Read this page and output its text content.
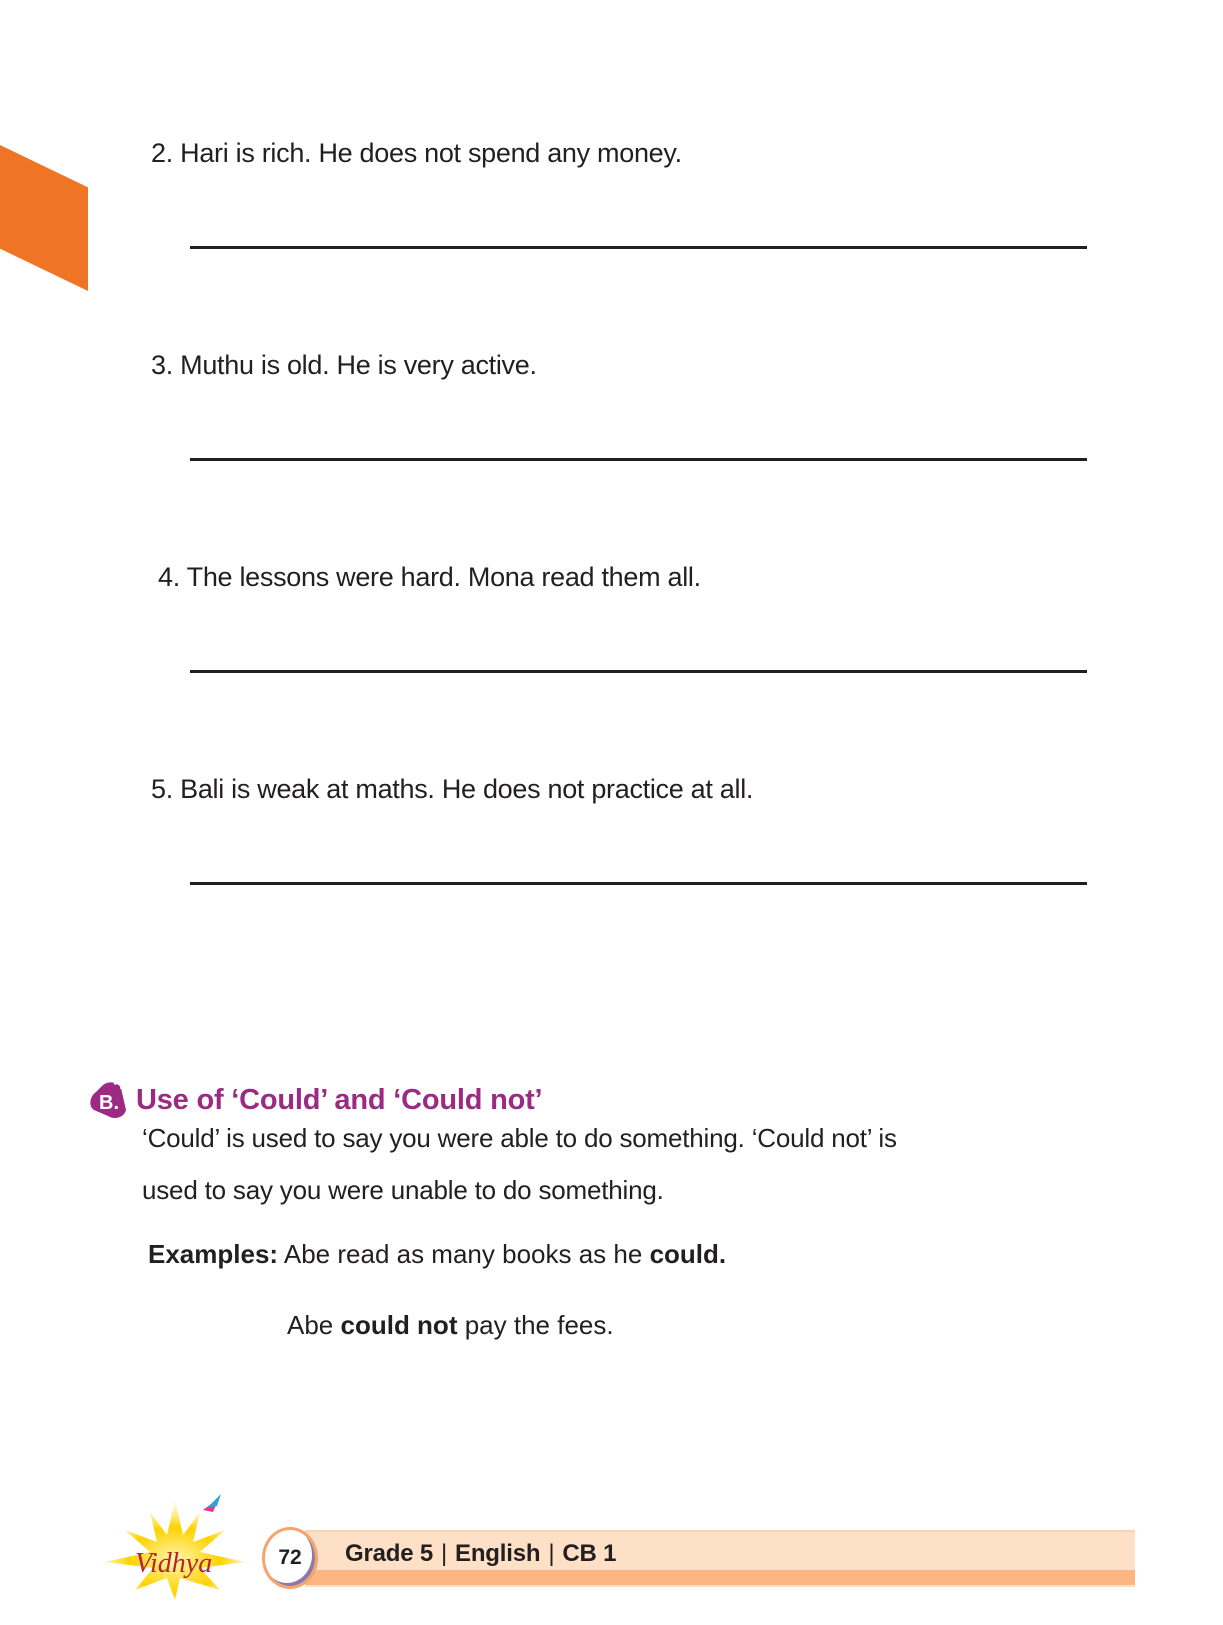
2. Hari is rich. He does not spend any money.
3. Muthu is old. He is very active.
4. The lessons were hard. Mona read them all.
5. Bali is weak at maths. He does not practice at all.
B. Use of ‘Could’ and ‘Could not’
‘Could’ is used to say you were able to do something. ‘Could not’ is
used to say you were unable to do something.
Examples: Abe read as many books as he could.
Abe could not pay the fees.
Vidhya	72	Grade 5 | English | CB 1
